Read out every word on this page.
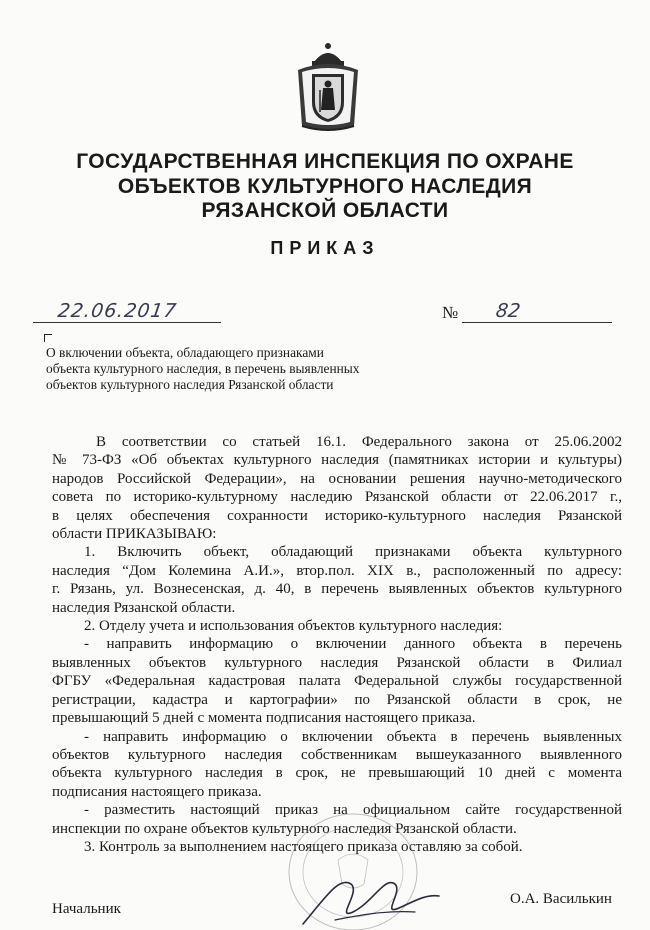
ГОСУДАРСТВЕННАЯ ИНСПЕКЦИЯ ПО ОХРАНЕ
ОБЪЕКТОВ КУЛЬТУРНОГО НАСЛЕДИЯ
РЯЗАНСКОЙ ОБЛАСТИ
ПРИКАЗ
22.06.2017	№ 82
О включении объекта, обладающего признаками
объекта культурного наследия, в перечень выявленных
объектов культурного наследия Рязанской области
В соответствии со статьей 16.1. Федерального закона от 25.06.2002
№ 73-ФЗ «Об объектах культурного наследия (памятниках истории и культуры)
народов Российской Федерации», на основании решения научно-методического
совета по историко-культурному наследию Рязанской области от 22.06.2017 г.,
в целях обеспечения сохранности историко-культурного наследия Рязанской
области ПРИКАЗЫВАЮ:
1. Включить объект, обладающий признаками объекта культурного
наследия “Дом Колемина А.И.», втор.пол. XIX в., расположенный по адресу:
г. Рязань, ул. Вознесенская, д. 40, в перечень выявленных объектов культурного
наследия Рязанской области.
2. Отделу учета и использования объектов культурного наследия:
- направить информацию о включении данного объекта в перечень
выявленных объектов культурного наследия Рязанской области в Филиал
ФГБУ «Федеральная кадастровая палата Федеральной службы государственной
регистрации, кадастра и картографии» по Рязанской области в срок, не
превышающий 5 дней с момента подписания настоящего приказа.
- направить информацию о включении объекта в перечень выявленных
объектов культурного наследия собственникам вышеуказанного выявленного
объекта культурного наследия в срок, не превышающий 10 дней с момента
подписания настоящего приказа.
- разместить настоящий приказ на официальном сайте государственной
инспекции по охране объектов культурного наследия Рязанской области.
3. Контроль за выполнением настоящего приказа оставляю за собой.
Начальник
О.А. Василькин
